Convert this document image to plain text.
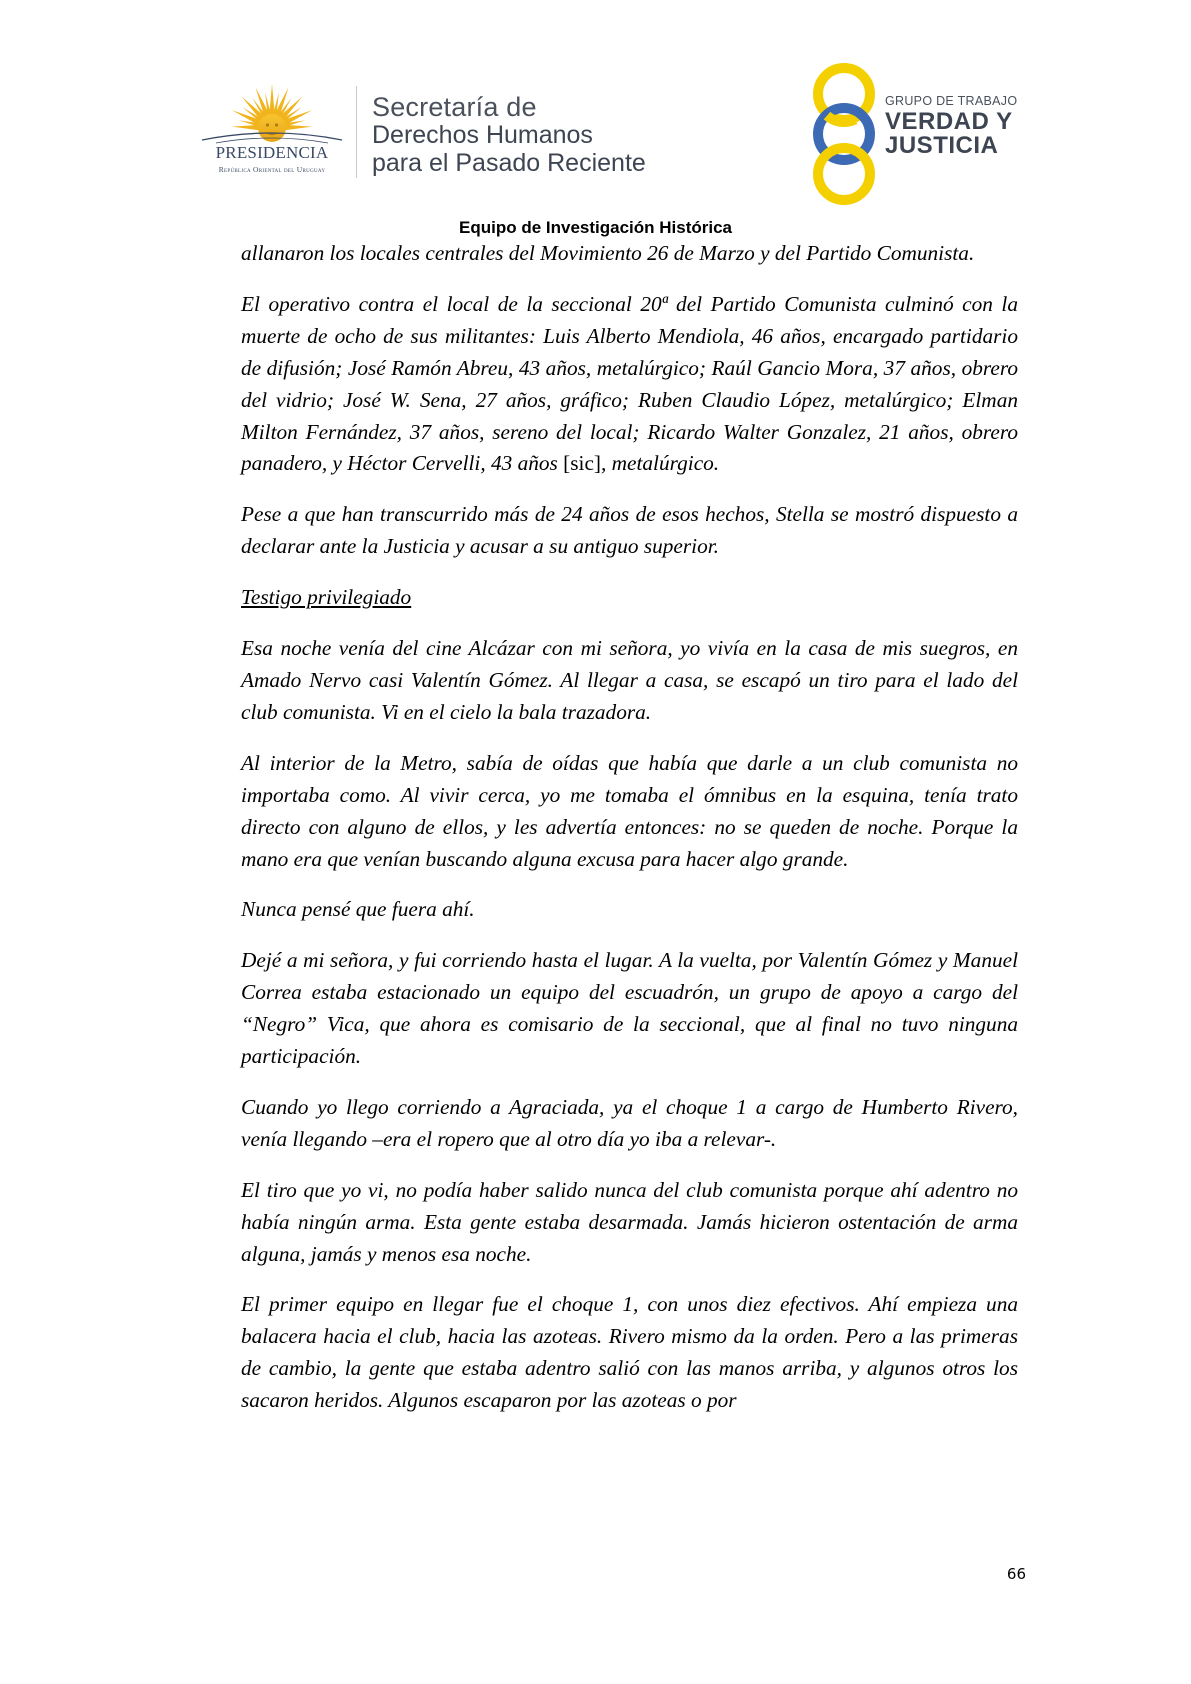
PRESIDENCIA
República Oriental del Uruguay
Secretaría de
Derechos Humanos
para el Pasado Reciente
GRUPO DE TRABAJO
VERDAD Y
JUSTICIA
Equipo de Investigación Histórica

allanaron los locales centrales del Movimiento 26 de Marzo y del Partido Comunista.

El operativo contra el local de la seccional 20ª del Partido Comunista culminó con la muerte de ocho de sus militantes: Luis Alberto Mendiola, 46 años, encargado partidario de difusión; José Ramón Abreu, 43 años, metalúrgico; Raúl Gancio Mora, 37 años, obrero del vidrio; José W. Sena, 27 años, gráfico; Ruben Claudio López, metalúrgico; Elman Milton Fernández, 37 años, sereno del local; Ricardo Walter Gonzalez, 21 años, obrero panadero, y Héctor Cervelli, 43 años [sic], metalúrgico.

Pese a que han transcurrido más de 24 años de esos hechos, Stella se mostró dispuesto a declarar ante la Justicia y acusar a su antiguo superior.

Testigo privilegiado

Esa noche venía del cine Alcázar con mi señora, yo vivía en la casa de mis suegros, en Amado Nervo casi Valentín Gómez. Al llegar a casa, se escapó un tiro para el lado del club comunista. Vi en el cielo la bala trazadora.

Al interior de la Metro, sabía de oídas que había que darle a un club comunista no importaba como. Al vivir cerca, yo me tomaba el ómnibus en la esquina, tenía trato directo con alguno de ellos, y les advertía entonces: no se queden de noche. Porque la mano era que venían buscando alguna excusa para hacer algo grande.

Nunca pensé que fuera ahí.

Dejé a mi señora, y fui corriendo hasta el lugar. A la vuelta, por Valentín Gómez y Manuel Correa estaba estacionado un equipo del escuadrón, un grupo de apoyo a cargo del “Negro” Vica, que ahora es comisario de la seccional, que al final no tuvo ninguna participación.

Cuando yo llego corriendo a Agraciada, ya el choque 1 a cargo de Humberto Rivero, venía llegando –era el ropero que al otro día yo iba a relevar-.

El tiro que yo vi, no podía haber salido nunca del club comunista porque ahí adentro no había ningún arma. Esta gente estaba desarmada. Jamás hicieron ostentación de arma alguna, jamás y menos esa noche.

El primer equipo en llegar fue el choque 1, con unos diez efectivos. Ahí empieza una balacera hacia el club, hacia las azoteas. Rivero mismo da la orden. Pero a las primeras de cambio, la gente que estaba adentro salió con las manos arriba, y algunos otros los sacaron heridos. Algunos escaparon por las azoteas o por

66
